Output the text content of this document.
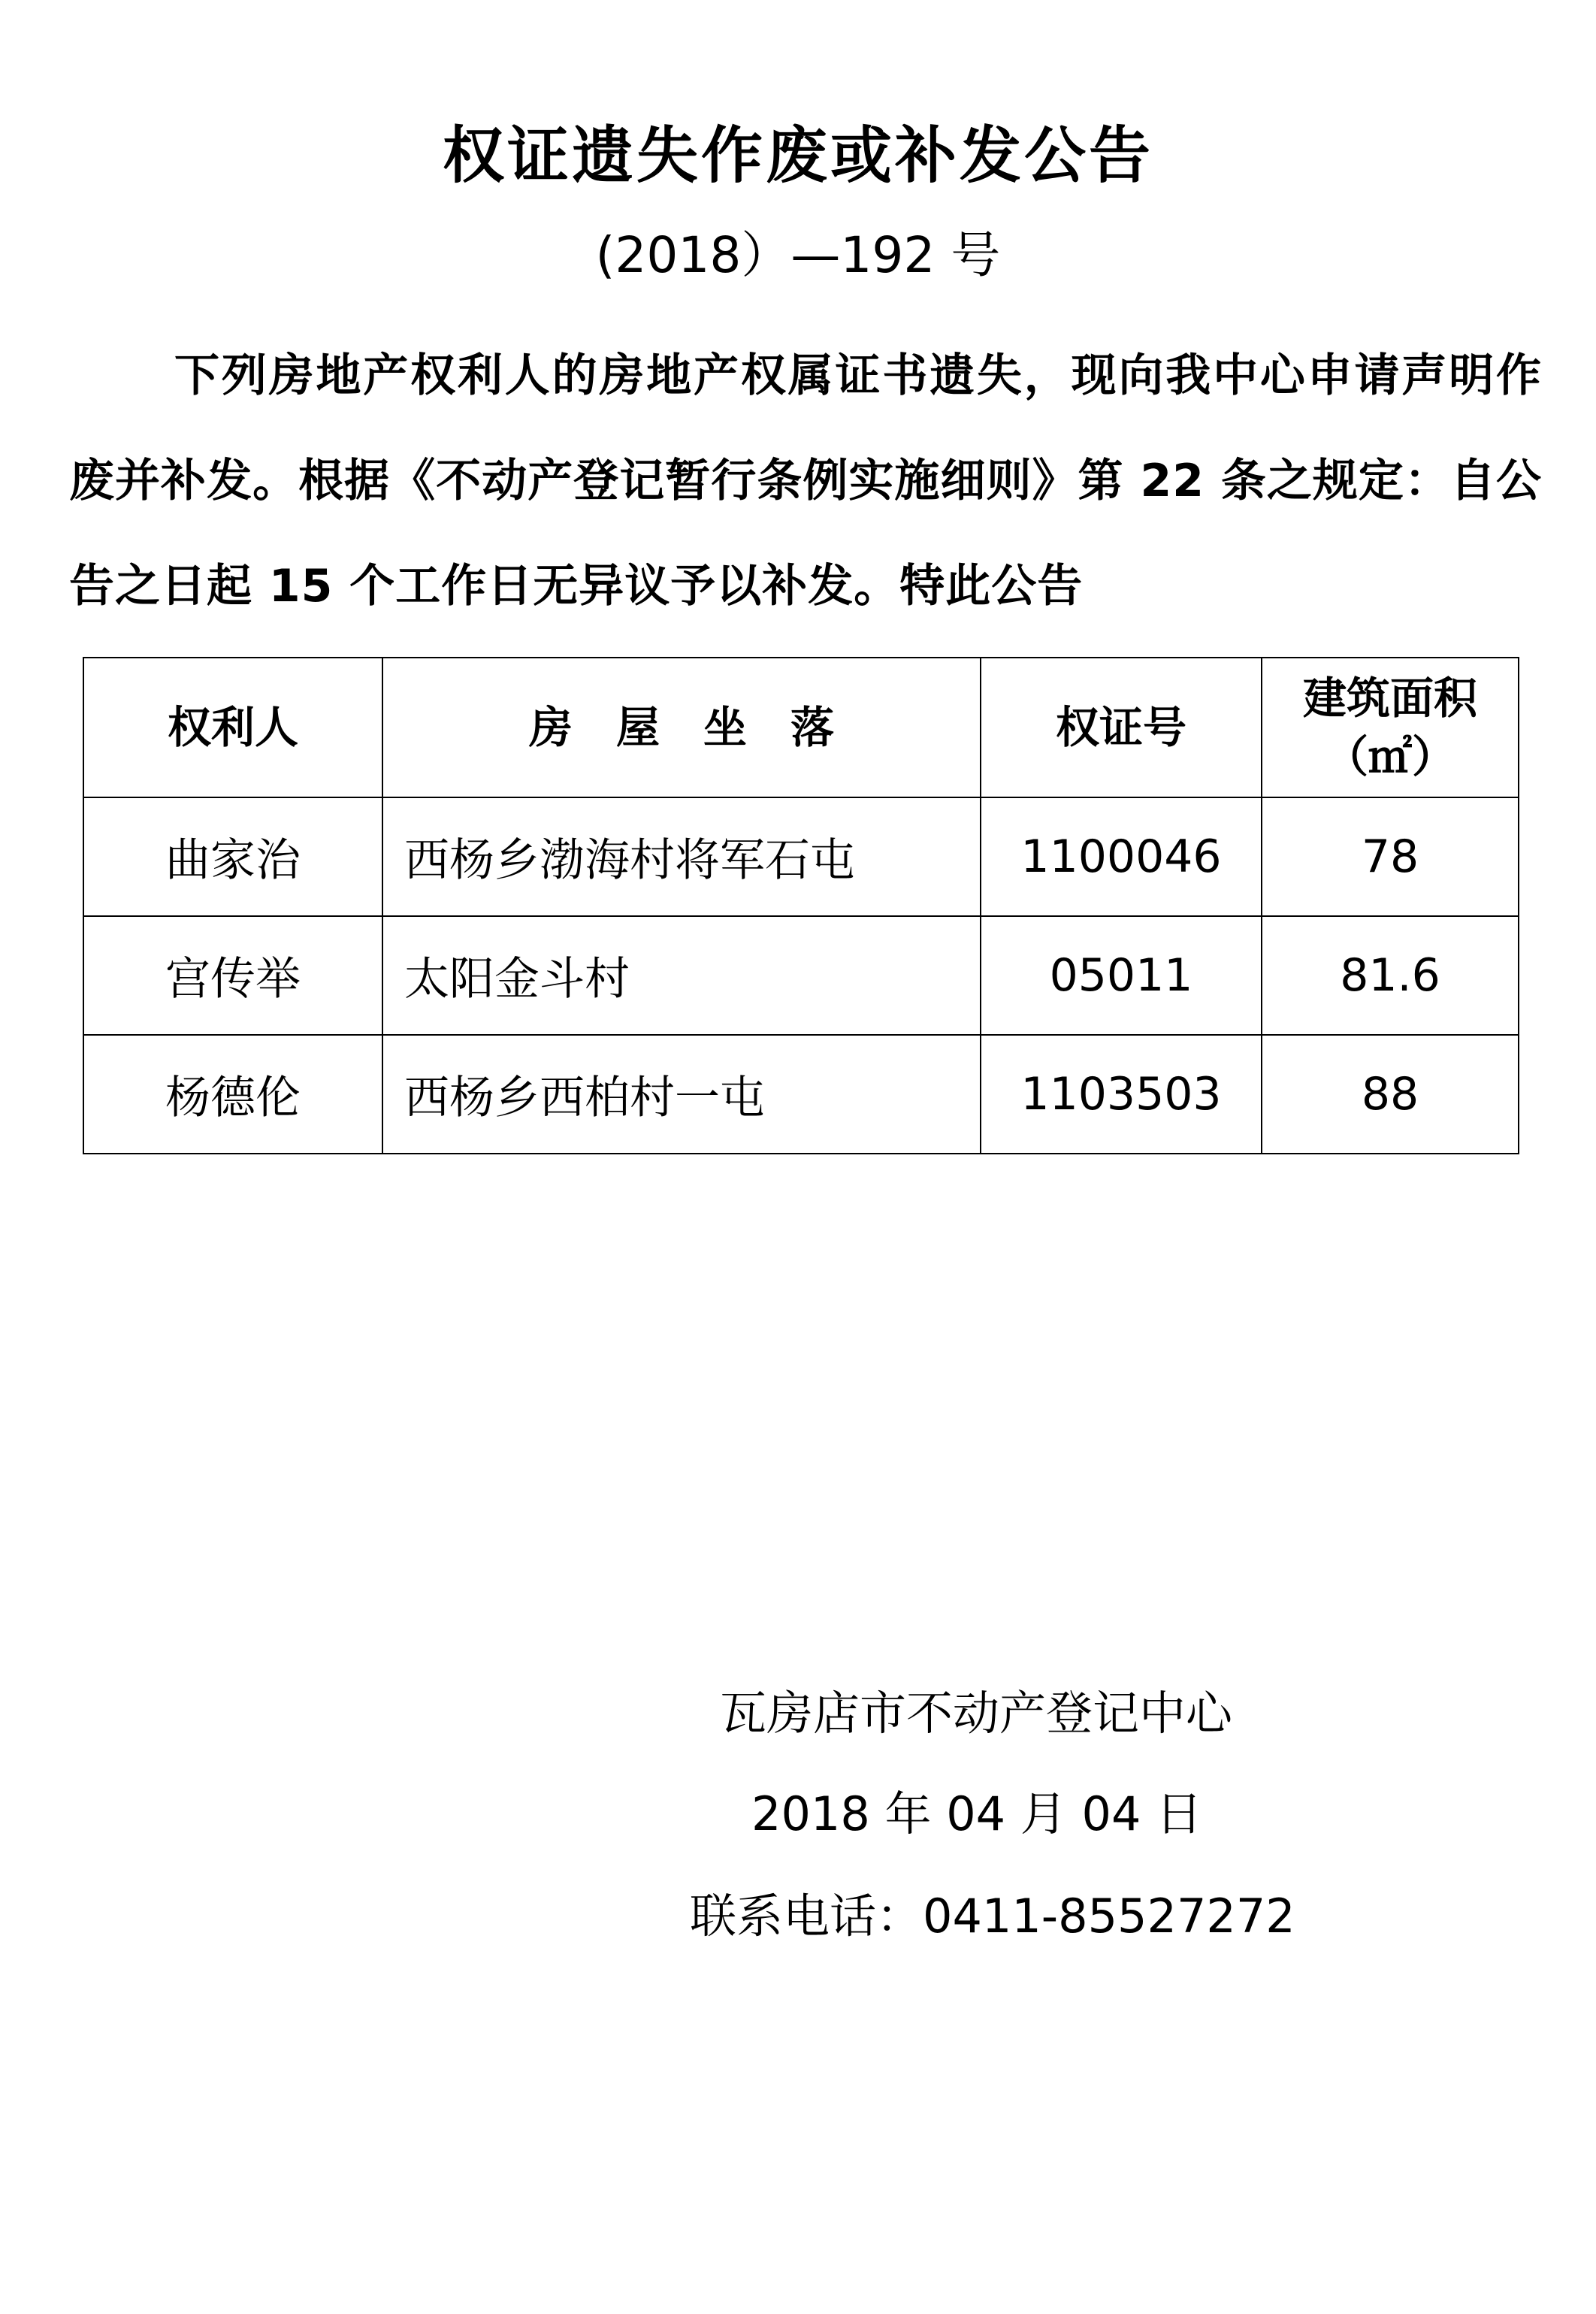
权证遗失作废或补发公告
(2018）—192 号
下列房地产权利人的房地产权属证书遗失，现向我中心申请声明作废并补发。根据《不动产登记暂行条例实施细则》第 22 条之规定：自公告之日起 15 个工作日无异议予以补发。特此公告
权利人	房屋坐落	权证号	建筑面积
（㎡）

曲家治	西杨乡渤海村将军石屯	1100046	78
宫传举	太阳金斗村	05011	81.6
杨德伦	西杨乡西柏村一屯	1103503	88
瓦房店市不动产登记中心
2018 年 04 月 04 日
联系电话：0411-85527272
